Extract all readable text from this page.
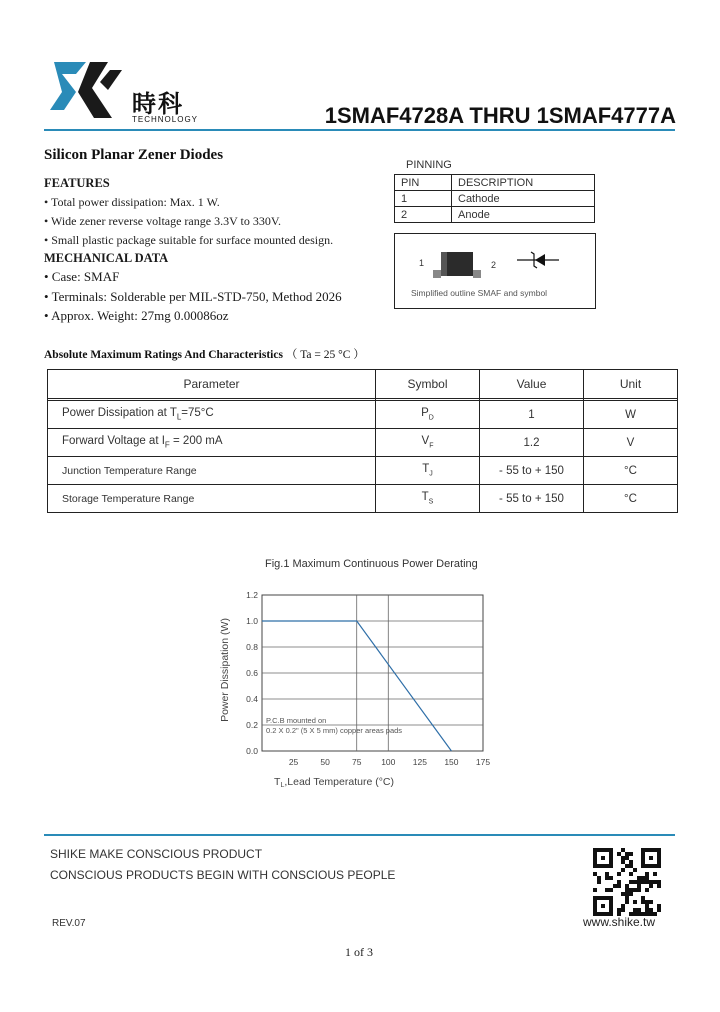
時科
TECHNOLOGY	1SMAF4728A THRU 1SMAF4777A
Silicon Planar Zener Diodes
FEATURES
• Total power dissipation: Max. 1 W.
• Wide zener reverse voltage range 3.3V to 330V.
• Small plastic package suitable for surface mounted design.
MECHANICAL DATA
• Case: SMAF
• Terminals: Solderable per MIL-STD-750, Method 2026
• Approx. Weight: 27mg 0.00086oz
PINNING
PIN	DESCRIPTION
1	Cathode
2	Anode
1	2
Simplified outline SMAF and symbol
Absolute Maximum Ratings And Characteristics （ Ta = 25 °C ）
Parameter	Symbol	Value	Unit

Power Dissipation at $T_L=75^\circ C$	$P_D$	1	W
Forward Voltage at $I_F = 200$ mA	$V_F$	1.2	V
Junction Temperature Range	$T_J$	- 55 to + 150	°C
Storage Temperature Range	$T_S$	- 55 to + 150	°C
Fig.1 Maximum Continuous Power Derating
0.0
0.2
0.4
0.6
0.8
1.0
1.2
25	50	75 100 125 150 175
Power Dissipation (W)	P.C.B mounted on
0.2 X 0.2" (5 X 5 mm) copper areas pads
TL,Lead Temperature (°C)
SHIKE MAKE CONSCIOUS PRODUCT
CONSCIOUS PRODUCTS BEGIN WITH CONSCIOUS PEOPLE
www.shike.tw
REV.07
1 of 3
